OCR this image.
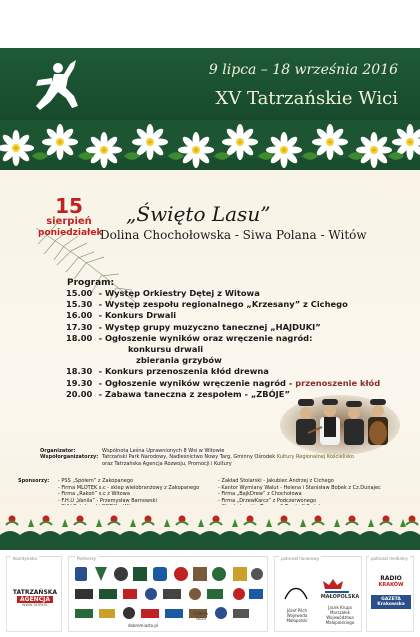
9 lipca – 18 września 2016
XV Tatrzańskie Wici
15
sierpień
poniedziałek
„Święto Lasu”
Dolina Chochołowska - Siwa Polana - Witów
Program:
15.00 - Występ Orkiestry Dętej z Witowa
15.30 - Występ zespołu regionalnego „Krzesany” z Cichego
16.00 - Konkurs Drwali
17.30 - Występ grupy muzyczno tanecznej „HAJDUKI”
18.00 - Ogłoszenie wyników oraz wręczenie nagród:
konkursu drwali
zbierania grzybów
18.30 - Konkurs przenoszenia kłód drewna
19.30 - Ogłoszenie wyników wręczenie nagród - przenoszenie kłód
20.00 - Zabawa taneczna z zespołem - „ZBÓJE”
Organizator:	Wspólnota Leśna Uprawnionych 8 Wsi w Witowie
Współorganizatorzy: Tatrzański Park Narodowy, Nadleśnictwo Nowy Targ, Gminny Ośrodek Kultury Regionalnej Kościelisko
oraz Tatrzańska Agencja Rozwoju, Promocji i Kultury
Sponsorzy: - PSS „Społem” z Zakopanego
- Firma MLOTEK s.c - sklep wielobranżowy z Zakopanego
- Firma „Rakoń” s.c z Witowa
- F.H.U „Vanila” - Przemysław Barnowski
- Zakład Stolarski - Jakubiec Andrzej z Cichego
- Kantor Wymiany Walut - Helena i Stanisław Bobek z Cz.Dunajec
- Firma „BajkDrew” z Chochołowa
- Firma „DrzewKarcz” z Podczerwonego
Koordynator
TATRZAŃSKA
AGENCJA
WWW.TATRY.PL
Partnerzy
Czarna Góra
dobremiasto.pl
patronat honorowy
MAŁOPOLSKA
Józef Pilch Wojewoda Małopolski
Jacek Krupa Marszałek Województwa Małopolskiego
patronat medialny
RADIO
KRAKÓW
GAZETA Krakowska
